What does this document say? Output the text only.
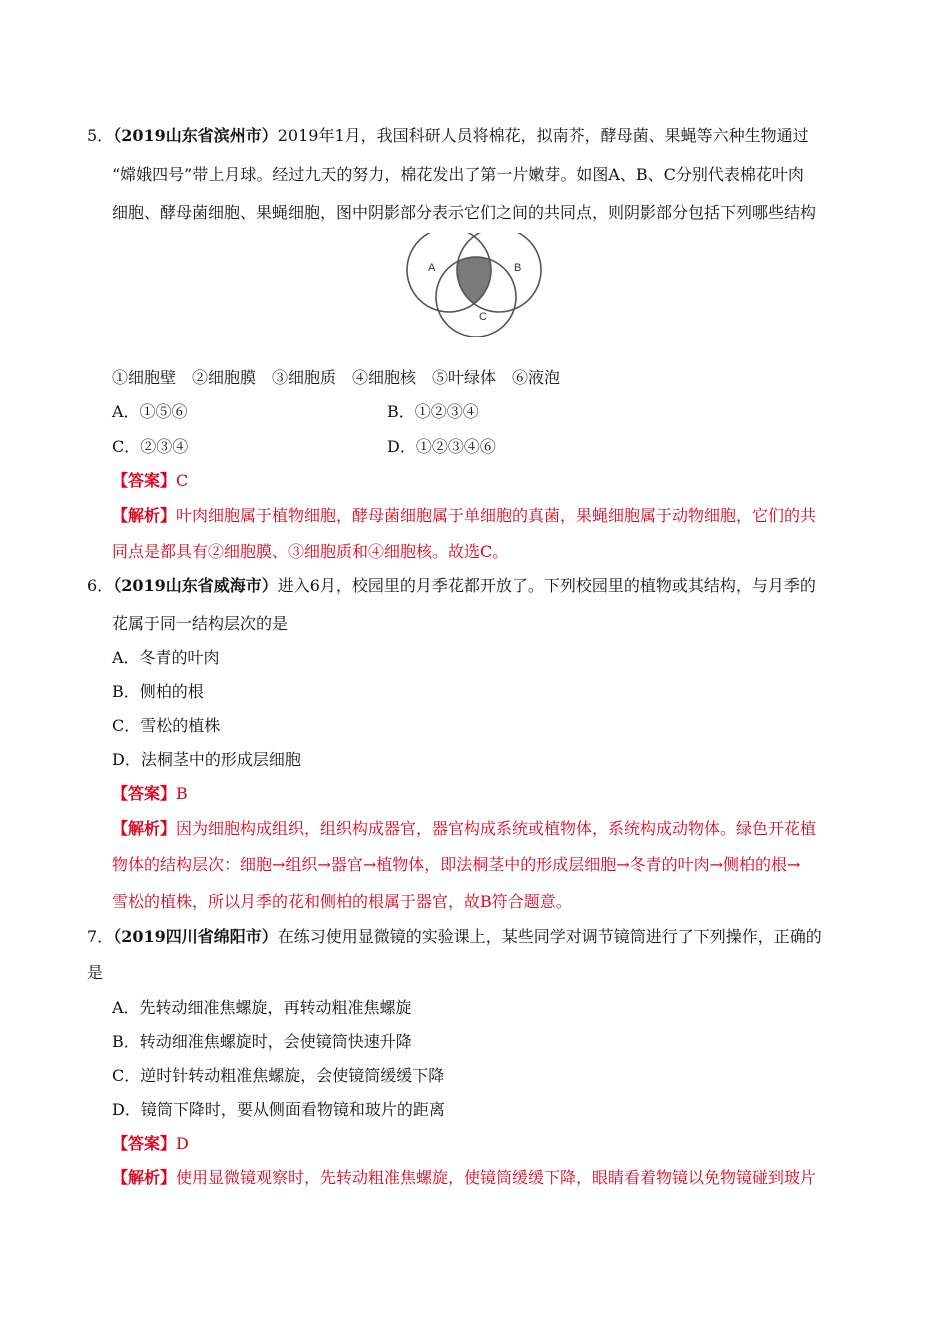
5．（2019山东省滨州市）2019年1月，我国科研人员将棉花，拟南芥，酵母菌、果蝇等六种生物通过
“嫦娥四号”带上月球。经过九天的努力，棉花发出了第一片嫩芽。如图A、B、C分别代表棉花叶肉
细胞、酵母菌细胞、果蝇细胞，图中阴影部分表示它们之间的共同点，则阴影部分包括下列哪些结构
A	B
C
①细胞壁　②细胞膜　③细胞质　④细胞核　⑤叶绿体　⑥液泡
A．①⑤⑥	B．①②③④
C．②③④	D．①②③④⑥
【答案】C
【解析】叶肉细胞属于植物细胞，酵母菌细胞属于单细胞的真菌，果蝇细胞属于动物细胞，它们的共
同点是都具有②细胞膜、③细胞质和④细胞核。故选C。
6．（2019山东省威海市）进入6月，校园里的月季花都开放了。下列校园里的植物或其结构，与月季的
花属于同一结构层次的是
A．冬青的叶肉
B．侧柏的根
C．雪松的植株
D．法桐茎中的形成层细胞
【答案】B
【解析】因为细胞构成组织，组织构成器官，器官构成系统或植物体，系统构成动物体。绿色开花植
物体的结构层次：细胞→组织→器官→植物体，即法桐茎中的形成层细胞→冬青的叶肉→侧柏的根→
雪松的植株，所以月季的花和侧柏的根属于器官，故B符合题意。
7．（2019四川省绵阳市）在练习使用显微镜的实验课上，某些同学对调节镜筒进行了下列操作，正确的
是
A．先转动细准焦螺旋，再转动粗准焦螺旋
B．转动细准焦螺旋时，会使镜筒快速升降
C．逆时针转动粗准焦螺旋，会使镜筒缓缓下降
D．镜筒下降时，要从侧面看物镜和玻片的距离
【答案】D
【解析】使用显微镜观察时，先转动粗准焦螺旋，使镜筒缓缓下降，眼睛看着物镜以免物镜碰到玻片
